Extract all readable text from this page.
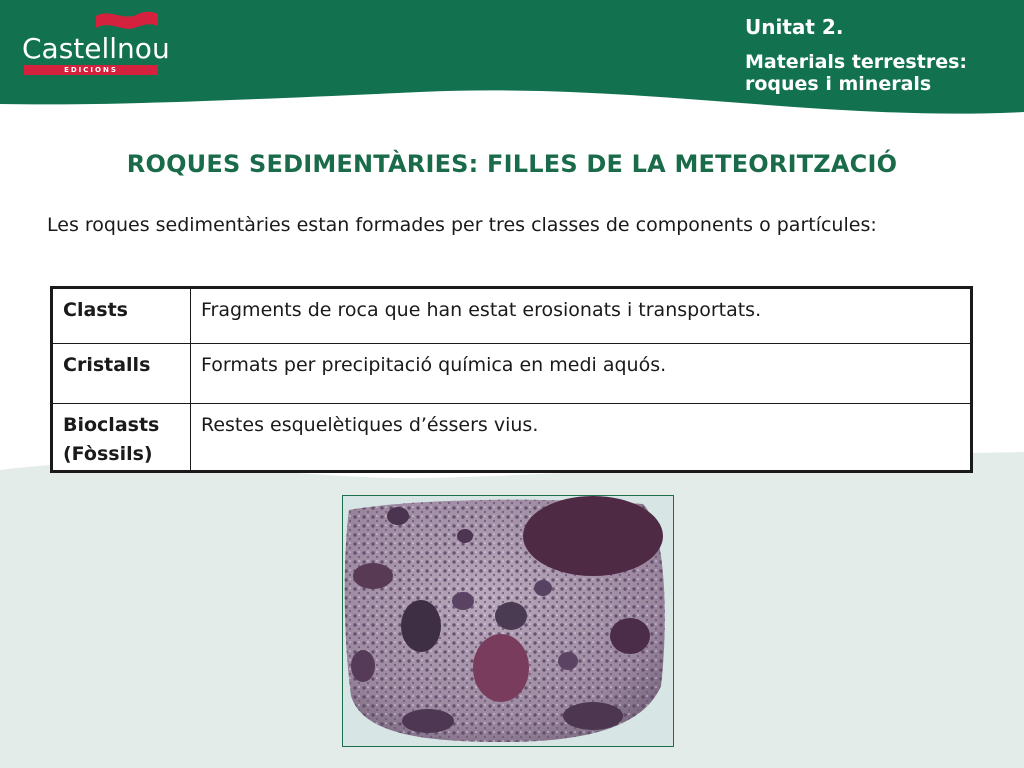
Castellnou
EDICIONS
Unitat 2.
Materials terrestres: roques i minerals
ROQUES SEDIMENTÀRIES: FILLES DE LA METEORITZACIÓ
Les roques sedimentàries estan formades per tres classes de components o partícules:
Clasts	Fragments de roca que han estat erosionats i transportats.
Cristalls	Formats per precipitació química en medi aquós.
Bioclasts (Fòssils)	Restes esquelètiques d’éssers vius.
